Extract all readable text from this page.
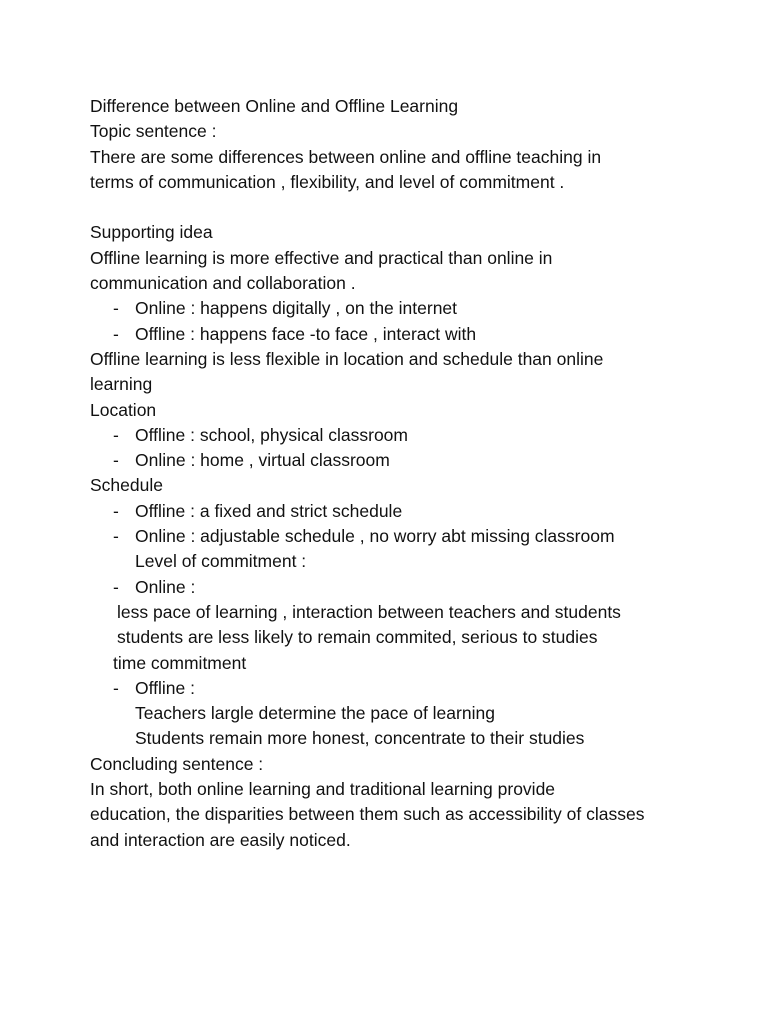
Difference between Online and Offline Learning
Topic sentence :
There are some differences between online and offline teaching in
terms of communication , flexibility, and level of commitment .
Supporting idea
Offline learning is more effective and practical than online in
communication and collaboration .
- Online : happens digitally , on the internet
- Offline : happens face -to face , interact with
Offline learning is less flexible in location and schedule than online
learning
Location
- Offline : school, physical classroom
- Online : home , virtual classroom
Schedule
- Offline : a fixed and strict schedule
- Online : adjustable schedule , no worry abt missing classroom
Level of commitment :
- Online :
less pace of learning , interaction between teachers and students
students are less likely to remain commited, serious to studies
time commitment
- Offline :
Teachers largle determine the pace of learning
Students remain more honest, concentrate to their studies
Concluding sentence :
In short, both online learning and traditional learning provide
education, the disparities between them such as accessibility of classes
and interaction are easily noticed.
